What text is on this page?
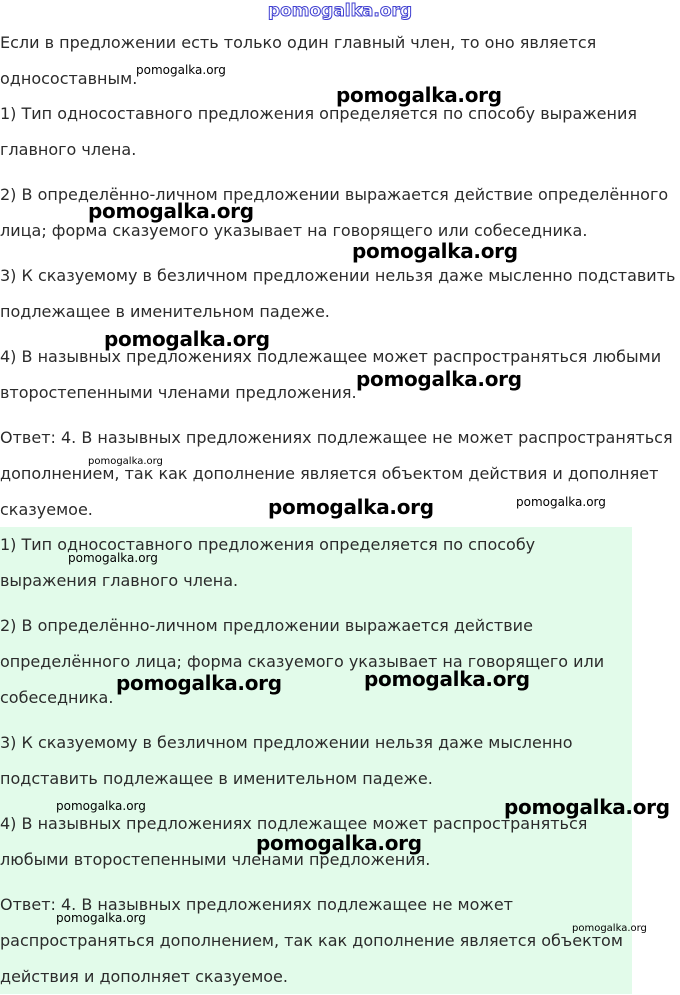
pomogalka.org

Если в предложении есть только один главный член, то оно является

односоставным.

1) Тип односоставного предложения определяется по способу выражения

главного члена.

2) В определённо-личном предложении выражается действие определённого

лица; форма сказуемого указывает на говорящего или собеседника.

3) К сказуемому в безличном предложении нельзя даже мысленно подставить

подлежащее в именительном падеже.

4) В назывных предложениях подлежащее может распространяться любыми

второстепенными членами предложения.

Ответ: 4. В назывных предложениях подлежащее не может распространяться

дополнением, так как дополнение является объектом действия и дополняет

сказуемое.

1) Тип односоставного предложения определяется по способу

выражения главного члена.

2) В определённо-личном предложении выражается действие

определённого лица; форма сказуемого указывает на говорящего или

собеседника.

3) К сказуемому в безличном предложении нельзя даже мысленно

подставить подлежащее в именительном падеже.

4) В назывных предложениях подлежащее может распространяться

любыми второстепенными членами предложения.

Ответ: 4. В назывных предложениях подлежащее не может

распространяться дополнением, так как дополнение является объектом

действия и дополняет сказуемое.

pomogalka.org
pomogalka.org
pomogalka.org
pomogalka.org
pomogalka.org
pomogalka.org
pomogalka.org
pomogalka.org	pomogalka.org
pomogalka.org
pomogalka.org	pomogalka.org
pomogalka.org	pomogalka.org
pomogalka.org
pomogalka.org
pomogalka.org
